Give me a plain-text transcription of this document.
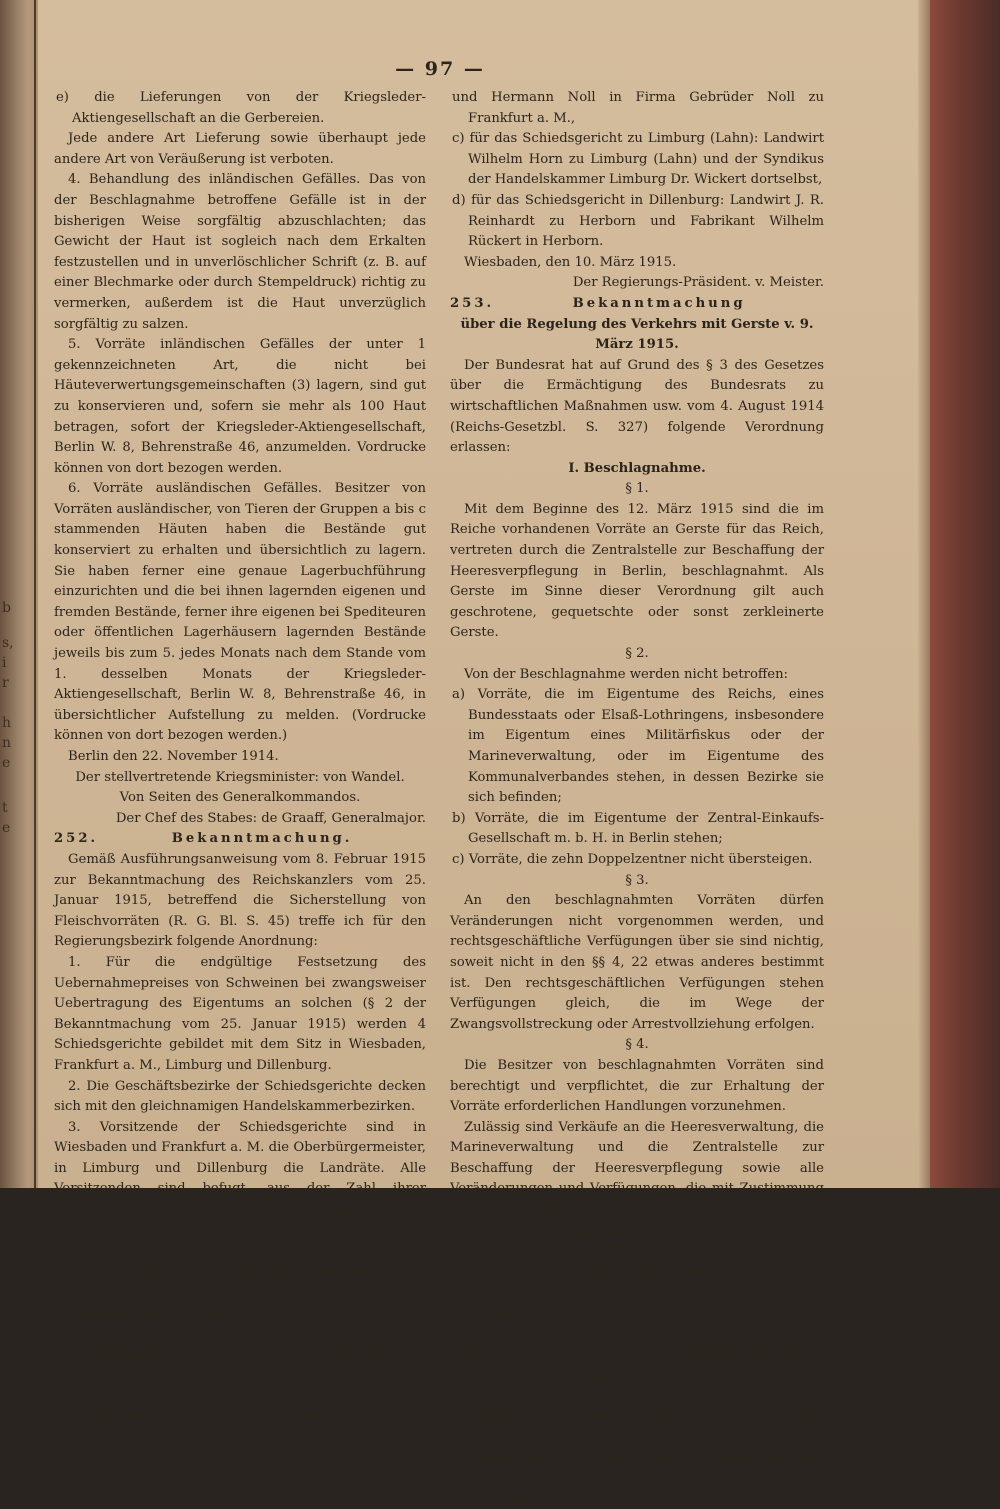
b
s,
i
r
h
n
e
t
e
— 97 —

e) die Lieferungen von der Kriegsleder-Aktiengesellschaft an die Gerbereien.

Jede andere Art Lieferung sowie überhaupt jede andere Art von Veräußerung ist verboten.

4. Behandlung des inländischen Gefälles. Das von der Beschlagnahme betroffene Gefälle ist in der bisherigen Weise sorgfältig abzuschlachten; das Gewicht der Haut ist sogleich nach dem Erkalten festzustellen und in unverlöschlicher Schrift (z. B. auf einer Blechmarke oder durch Stempeldruck) richtig zu vermerken, außerdem ist die Haut unverzüglich sorgfältig zu salzen.

5. Vorräte inländischen Gefälles der unter 1 gekennzeichneten Art, die nicht bei Häuteverwertungsgemeinschaften (3) lagern, sind gut zu konservieren und, sofern sie mehr als 100 Haut betragen, sofort der Kriegsleder-Aktiengesellschaft, Berlin W. 8, Behrenstraße 46, anzumelden. Vordrucke können von dort bezogen werden.

6. Vorräte ausländischen Gefälles. Besitzer von Vorräten ausländischer, von Tieren der Gruppen a bis c stammenden Häuten haben die Bestände gut konserviert zu erhalten und übersichtlich zu lagern. Sie haben ferner eine genaue Lagerbuchführung einzurichten und die bei ihnen lagernden eigenen und fremden Bestände, ferner ihre eigenen bei Spediteuren oder öffentlichen Lagerhäusern lagernden Bestände jeweils bis zum 5. jedes Monats nach dem Stande vom 1. desselben Monats der Kriegsleder-Aktiengesellschaft, Berlin W. 8, Behrenstraße 46, in übersichtlicher Aufstellung zu melden. (Vordrucke können von dort bezogen werden.)

Berlin den 22. November 1914.

Der stellvertretende Kriegsminister: von Wandel.

Von Seiten des Generalkommandos.

Der Chef des Stabes: de Graaff, Generalmajor.

252.	Bekanntmachung.

Gemäß Ausführungsanweisung vom 8. Februar 1915 zur Bekanntmachung des Reichskanzlers vom 25. Januar 1915, betreffend die Sicherstellung von Fleischvorräten (R. G. Bl. S. 45) treffe ich für den Regierungsbezirk folgende Anordnung:

1. Für die endgültige Festsetzung des Uebernahmepreises von Schweinen bei zwangsweiser Uebertragung des Eigentums an solchen (§ 2 der Bekanntmachung vom 25. Januar 1915) werden 4 Schiedsgerichte gebildet mit dem Sitz in Wiesbaden, Frankfurt a. M., Limburg und Dillenburg.

2. Die Geschäftsbezirke der Schiedsgerichte decken sich mit den gleichnamigen Handelskammerbezirken.

3. Vorsitzende der Schiedsgerichte sind in Wiesbaden und Frankfurt a. M. die Oberbürgermeister, in Limburg und Dillenburg die Landräte. Alle Vorsitzenden sind befugt, aus der Zahl ihrer gesetzlichen Vertreter im Hauptamt einen stellvertretenden Vorsitzenden für das Schiedsgericht zu ernennen.

4. Zu Beisitzern der Schiedsgerichte werden auf Vorschlag der Landwirtschaftskammer und der Handelskammern ernannt:

a) für das Schiedsgericht in Wiesbaden: der Landwirt Adolf Stricker in Wiesbaden und der Syndikus der Handelskammer Wiesbaden Dr. Merbot daselbst,

b) für das Schiedsgericht in Frankfurt a. M.: der Königliche Oekonomierat Karl Stede in Frankfurt a. M.

und Hermann Noll in Firma Gebrüder Noll zu Frankfurt a. M.,

c) für das Schiedsgericht zu Limburg (Lahn): Landwirt Wilhelm Horn zu Limburg (Lahn) und der Syndikus der Handelskammer Limburg Dr. Wickert dortselbst,

d) für das Schiedsgericht in Dillenburg: Landwirt J. R. Reinhardt zu Herborn und Fabrikant Wilhelm Rückert in Herborn.

Wiesbaden, den 10. März 1915.

Der Regierungs-Präsident. v. Meister.

253.	Bekanntmachung

über die Regelung des Verkehrs mit Gerste v. 9. März 1915.

Der Bundesrat hat auf Grund des § 3 des Gesetzes über die Ermächtigung des Bundesrats zu wirtschaftlichen Maßnahmen usw. vom 4. August 1914 (Reichs-Gesetzbl. S. 327) folgende Verordnung erlassen:

I. Beschlagnahme.

§ 1.

Mit dem Beginne des 12. März 1915 sind die im Reiche vorhandenen Vorräte an Gerste für das Reich, vertreten durch die Zentralstelle zur Beschaffung der Heeresverpflegung in Berlin, beschlagnahmt. Als Gerste im Sinne dieser Verordnung gilt auch geschrotene, gequetschte oder sonst zerkleinerte Gerste.

§ 2.

Von der Beschlagnahme werden nicht betroffen:

a) Vorräte, die im Eigentume des Reichs, eines Bundesstaats oder Elsaß-Lothringens, insbesondere im Eigentum eines Militärfiskus oder der Marineverwaltung, oder im Eigentume des Kommunalverbandes stehen, in dessen Bezirke sie sich befinden;

b) Vorräte, die im Eigentume der Zentral-Einkaufs-Gesellschaft m. b. H. in Berlin stehen;

c) Vorräte, die zehn Doppelzentner nicht übersteigen.

§ 3.

An den beschlagnahmten Vorräten dürfen Veränderungen nicht vorgenommen werden, und rechtsgeschäftliche Verfügungen über sie sind nichtig, soweit nicht in den §§ 4, 22 etwas anderes bestimmt ist. Den rechtsgeschäftlichen Verfügungen stehen Verfügungen gleich, die im Wege der Zwangsvollstreckung oder Arrestvollziehung erfolgen.

§ 4.

Die Besitzer von beschlagnahmten Vorräten sind berechtigt und verpflichtet, die zur Erhaltung der Vorräte erforderlichen Handlungen vorzunehmen.

Zulässig sind Verkäufe an die Heeresverwaltung, die Marineverwaltung und die Zentralstelle zur Beschaffung der Heeresverpflegung sowie alle Veränderungen und Verfügungen, die mit Zustimmung der Zentralstelle erfolgen.

Trotz der Beschlagnahme dürfen

a) Halter von Zuchttieren und Pferden sowie Unternehmer landwirtschaftlicher Betriebe ihre Vorräte zum Füttern in der eigenen Wirtschaft verwenden;

b) Unternehmer landwirtschaftlicher Betriebe aus ihren Vorräten das zur Frühjahrsbestellung erforderliche Saatgut zur Saat verwenden;

c) Unternehmer landwirtschaftlicher Betriebe und Händler für Saatzwecke Saatgerste liefern, welche nachweislich aus landwirtschaftlichen Betrieben stammt, die sich in den letzten zwei Jahren mit dem Verkaufe von Saatgerste befaßt haben; andere Saatgerste darf nur mit
